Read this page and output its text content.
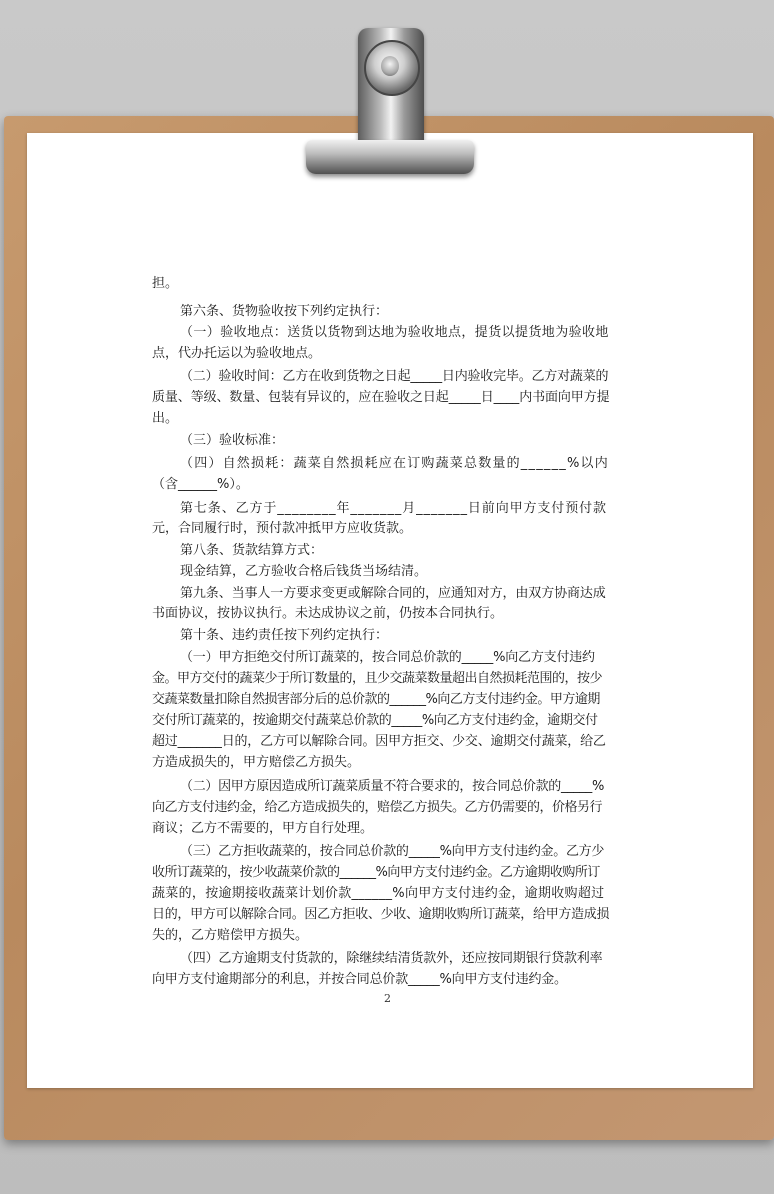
担。
第六条、货物验收按下列约定执行：
（一）验收地点：送货以货物到达地为验收地点，提货以提货地为验收地
点，代办托运以为验收地点。
（二）验收时间：乙方在收到货物之日起_____日内验收完毕。乙方对蔬菜的
质量、等级、数量、包装有异议的，应在验收之日起_____日____内书面向甲方提
出。
（三）验收标准：
（四）自然损耗：蔬菜自然损耗应在订购蔬菜总数量的______%以内
（含______%）。
第七条、乙方于________年_______月_______日前向甲方支付预付款
元，合同履行时，预付款冲抵甲方应收货款。
第八条、货款结算方式：
现金结算，乙方验收合格后钱货当场结清。
第九条、当事人一方要求变更或解除合同的，应通知对方，由双方协商达成
书面协议，按协议执行。未达成协议之前，仍按本合同执行。
第十条、违约责任按下列约定执行：
（一）甲方拒绝交付所订蔬菜的，按合同总价款的_____%向乙方支付违约
金。甲方交付的蔬菜少于所订数量的，且少交蔬菜数量超出自然损耗范围的，按少
交蔬菜数量扣除自然损害部分后的总价款的______%向乙方支付违约金。甲方逾期
交付所订蔬菜的，按逾期交付蔬菜总价款的_____%向乙方支付违约金，逾期交付
超过_______日的，乙方可以解除合同。因甲方拒交、少交、逾期交付蔬菜，给乙
方造成损失的，甲方赔偿乙方损失。
（二）因甲方原因造成所订蔬菜质量不符合要求的，按合同总价款的_____%
向乙方支付违约金，给乙方造成损失的，赔偿乙方损失。乙方仍需要的，价格另行
商议；乙方不需要的，甲方自行处理。
（三）乙方拒收蔬菜的，按合同总价款的_____%向甲方支付违约金。乙方少
收所订蔬菜的，按少收蔬菜价款的______%向甲方支付违约金。乙方逾期收购所订
蔬菜的，按逾期接收蔬菜计划价款______%向甲方支付违约金，逾期收购超过
日的，甲方可以解除合同。因乙方拒收、少收、逾期收购所订蔬菜，给甲方造成损
失的，乙方赔偿甲方损失。
（四）乙方逾期支付货款的，除继续结清货款外，还应按同期银行贷款利率
向甲方支付逾期部分的利息，并按合同总价款_____%向甲方支付违约金。
2
